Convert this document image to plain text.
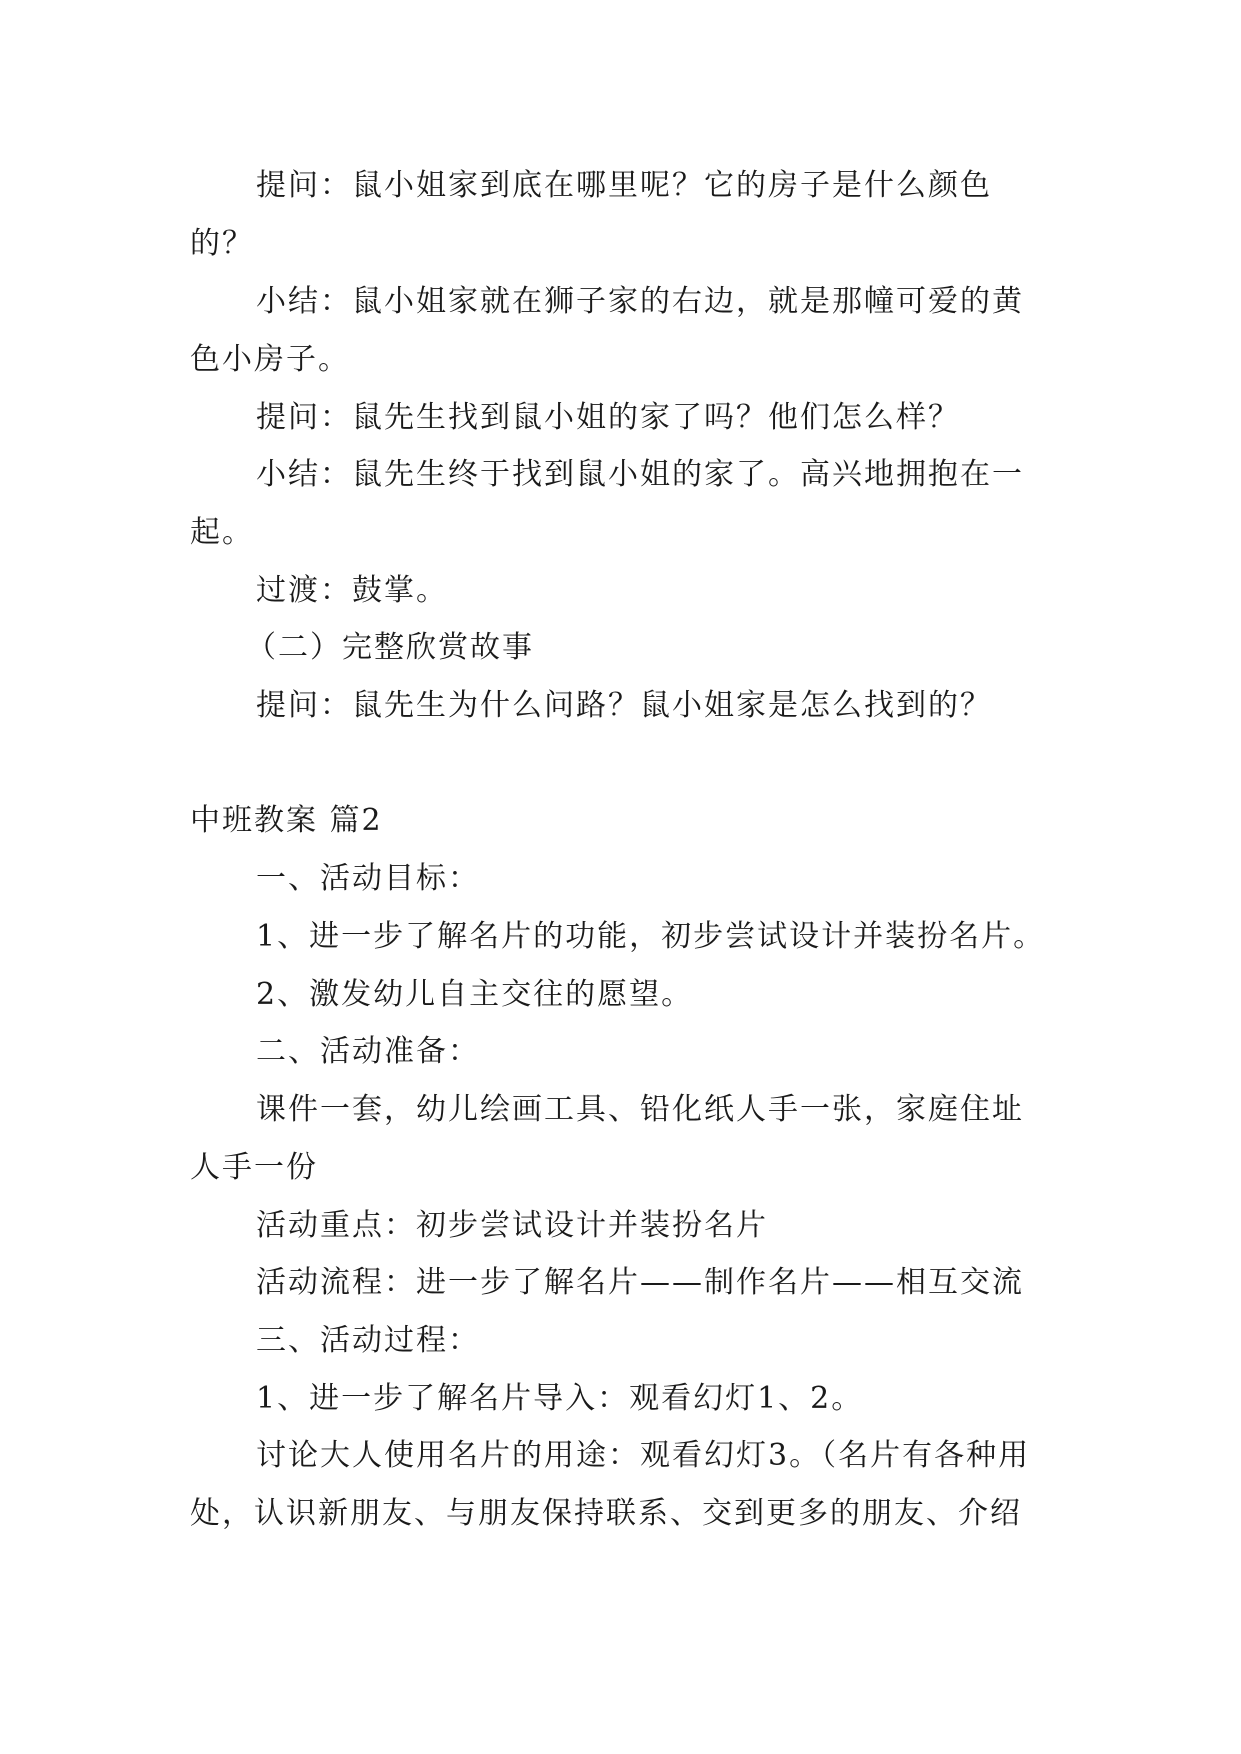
提问：鼠小姐家到底在哪里呢？它的房子是什么颜色
的？
小结：鼠小姐家就在狮子家的右边，就是那幢可爱的黄
色小房子。
提问：鼠先生找到鼠小姐的家了吗？他们怎么样？
小结：鼠先生终于找到鼠小姐的家了。高兴地拥抱在一
起。
过渡：鼓掌。
（二）完整欣赏故事
提问：鼠先生为什么问路？鼠小姐家是怎么找到的？
中班教案 篇2
一、活动目标：
1、进一步了解名片的功能，初步尝试设计并装扮名片。
2、激发幼儿自主交往的愿望。
二、活动准备：
课件一套，幼儿绘画工具、铅化纸人手一张，家庭住址
人手一份
活动重点：初步尝试设计并装扮名片
活动流程：进一步了解名片——制作名片——相互交流
三、活动过程：
1、进一步了解名片导入：观看幻灯1、2。
讨论大人使用名片的用途：观看幻灯3。（名片有各种用
处，认识新朋友、与朋友保持联系、交到更多的朋友、介绍
